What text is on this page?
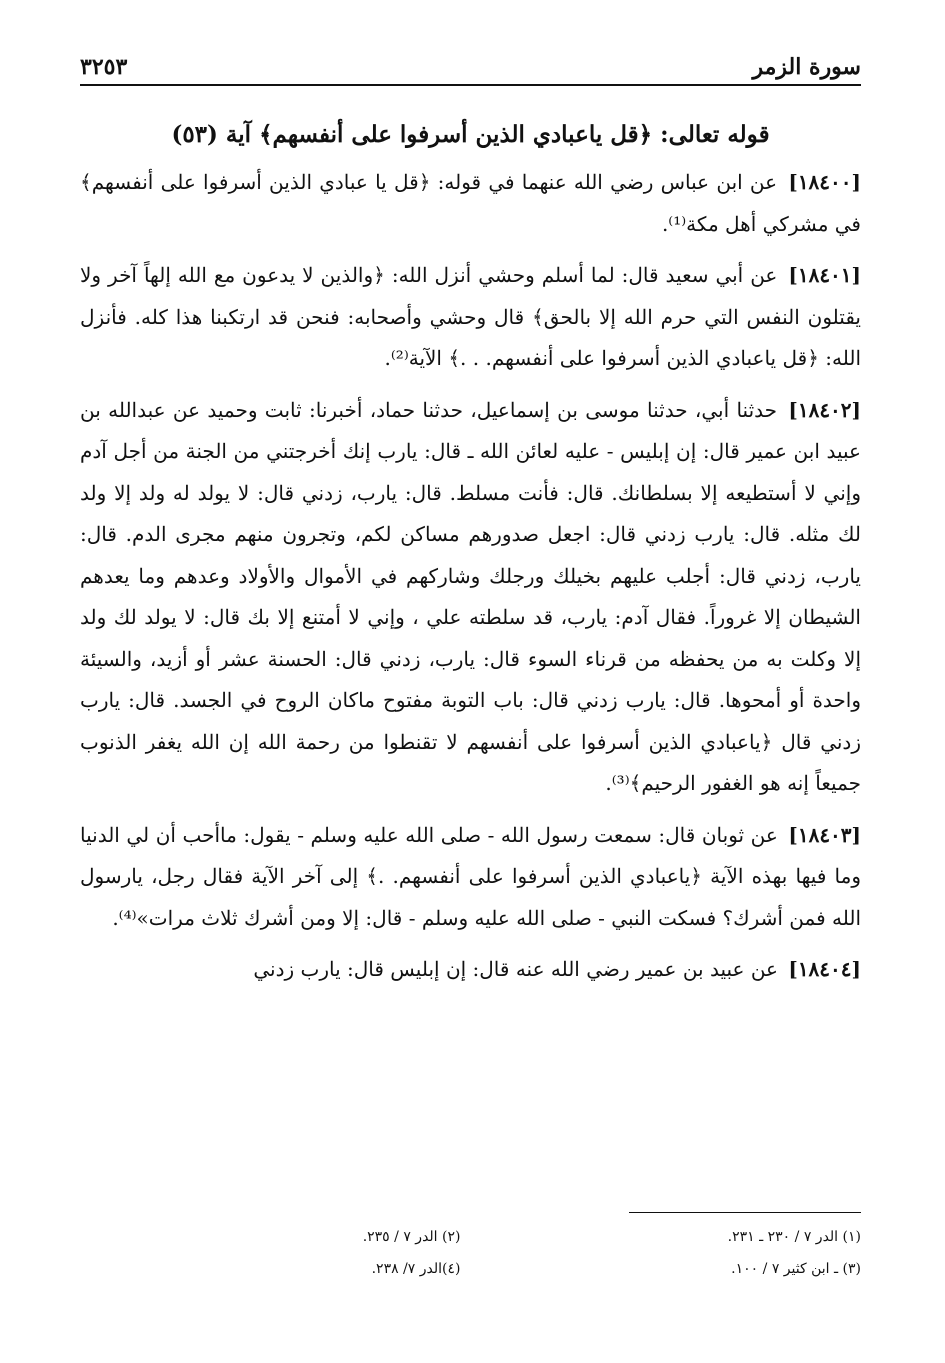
سورة الزمر
٣٢٥٣
قوله تعالى: ﴿قل ياعبادي الذين أسرفوا على أنفسهم﴾ آية (٥٣)

[١٨٤٠٠] عن ابن عباس رضي الله عنهما في قوله: ﴿قل يا عبادي الذين أسرفوا على أنفسهم﴾ في مشركي أهل مكة⁽¹⁾.

[١٨٤٠١] عن أبي سعيد قال: لما أسلم وحشي أنزل الله: ﴿والذين لا يدعون مع الله إلهاً آخر ولا يقتلون النفس التي حرم الله إلا بالحق﴾ قال وحشي وأصحابه: فنحن قد ارتكبنا هذا كله. فأنزل الله: ﴿قل ياعبادي الذين أسرفوا على أنفسهم. . .﴾ الآية⁽²⁾.

[١٨٤٠٢] حدثنا أبي، حدثنا موسى بن إسماعيل، حدثنا حماد، أخبرنا: ثابت وحميد عن عبدالله بن عبيد ابن عمير قال: إن إبليس - عليه لعائن الله ـ قال: يارب إنك أخرجتني من الجنة من أجل آدم وإني لا أستطيعه إلا بسلطانك. قال: فأنت مسلط. قال: يارب، زدني قال: لا يولد له ولد إلا ولد لك مثله. قال: يارب زدني قال: اجعل صدورهم مساكن لكم، وتجرون منهم مجرى الدم. قال: يارب، زدني قال: أجلب عليهم بخيلك ورجلك وشاركهم في الأموال والأولاد وعدهم وما يعدهم الشيطان إلا غروراً. فقال آدم: يارب، قد سلطته علي ، وإني لا أمتنع إلا بك قال: لا يولد لك ولد إلا وكلت به من يحفظه من قرناء السوء قال: يارب، زدني قال: الحسنة عشر أو أزيد، والسيئة واحدة أو أمحوها. قال: يارب زدني قال: باب التوبة مفتوح ماكان الروح في الجسد. قال: يارب زدني قال ﴿ياعبادي الذين أسرفوا على أنفسهم لا تقنطوا من رحمة الله إن الله يغفر الذنوب جميعاً إنه هو الغفور الرحيم﴾⁽³⁾.

[١٨٤٠٣] عن ثوبان قال: سمعت رسول الله - صلى الله عليه وسلم - يقول: ماأحب أن لي الدنيا وما فيها بهذه الآية ﴿ياعبادي الذين أسرفوا على أنفسهم. .﴾ إلى آخر الآية فقال رجل، يارسول الله فمن أشرك؟ فسكت النبي - صلى الله عليه وسلم - قال: إلا ومن أشرك ثلاث مرات»⁽⁴⁾.

[١٨٤٠٤] عن عبيد بن عمير رضي الله عنه قال: إن إبليس قال: يارب زدني

(١) الدر ٧ / ٢٣٠ ـ ٢٣١.
(٢) الدر ٧ / ٢٣٥.
(٣) ـ ابن كثير ٧ / ١٠٠.
(٤)الدر ٧/ ٢٣٨.
